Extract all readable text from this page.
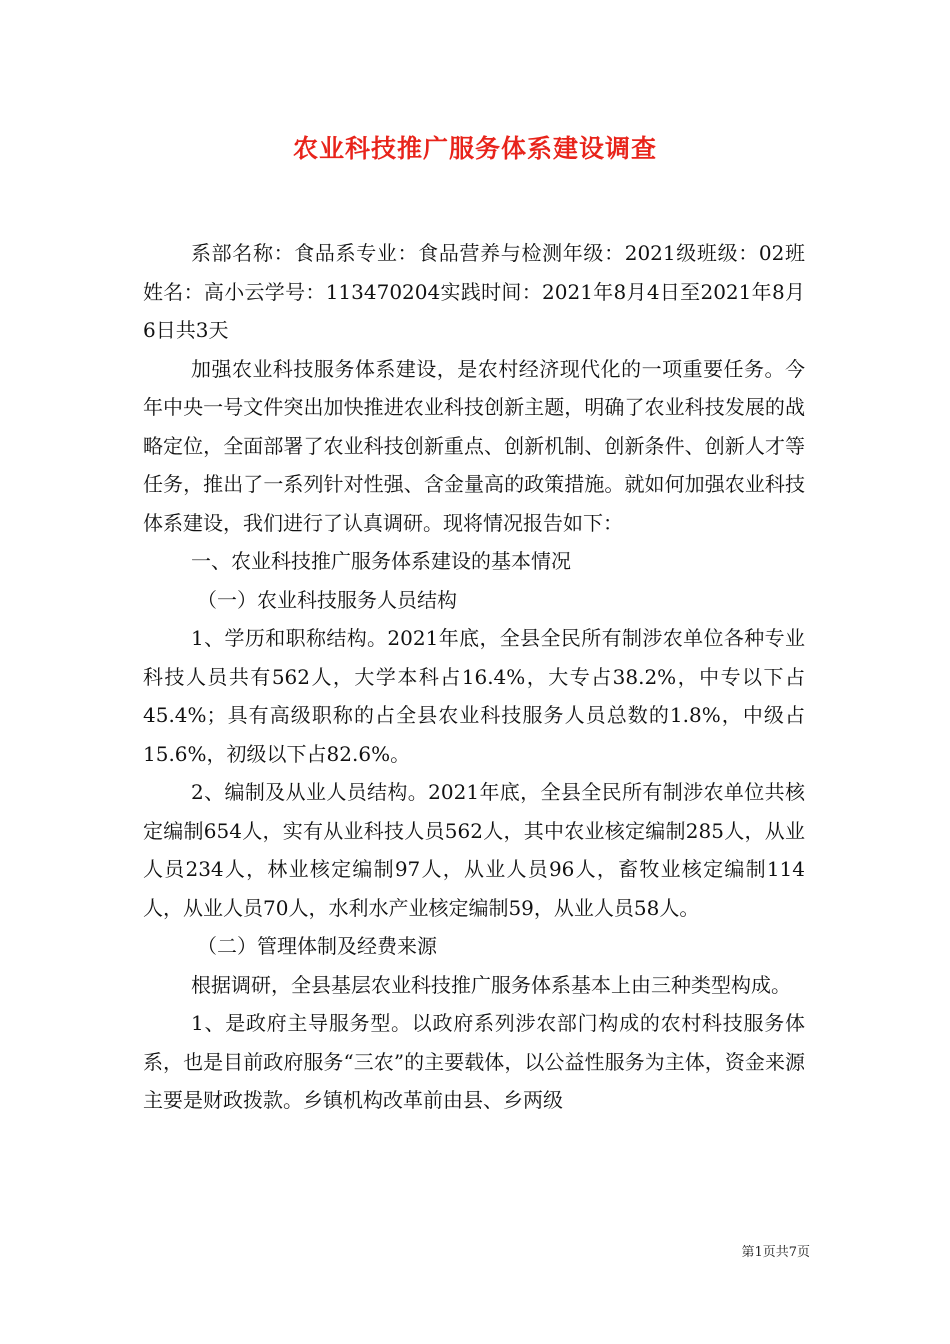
农业科技推广服务体系建设调查

系部名称：食品系专业：食品营养与检测年级：2021级班级：02班姓名：高小云学号：113470204实践时间：2021年8月4日至2021年8月6日共3天

加强农业科技服务体系建设，是农村经济现代化的一项重要任务。今年中央一号文件突出加快推进农业科技创新主题，明确了农业科技发展的战略定位，全面部署了农业科技创新重点、创新机制、创新条件、创新人才等任务，推出了一系列针对性强、含金量高的政策措施。就如何加强农业科技体系建设，我们进行了认真调研。现将情况报告如下：

一、农业科技推广服务体系建设的基本情况

（一）农业科技服务人员结构

1、学历和职称结构。2021年底，全县全民所有制涉农单位各种专业科技人员共有562人，大学本科占16.4%，大专占38.2%，中专以下占45.4%；具有高级职称的占全县农业科技服务人员总数的1.8%，中级占15.6%，初级以下占82.6%。

2、编制及从业人员结构。2021年底，全县全民所有制涉农单位共核定编制654人，实有从业科技人员562人，其中农业核定编制285人，从业人员234人，林业核定编制97人，从业人员96人，畜牧业核定编制114人，从业人员70人，水利水产业核定编制59，从业人员58人。

（二）管理体制及经费来源

根据调研，全县基层农业科技推广服务体系基本上由三种类型构成。

1、是政府主导服务型。以政府系列涉农部门构成的农村科技服务体系，也是目前政府服务“三农”的主要载体，以公益性服务为主体，资金来源主要是财政拨款。乡镇机构改革前由县、乡两级

第1页共7页
